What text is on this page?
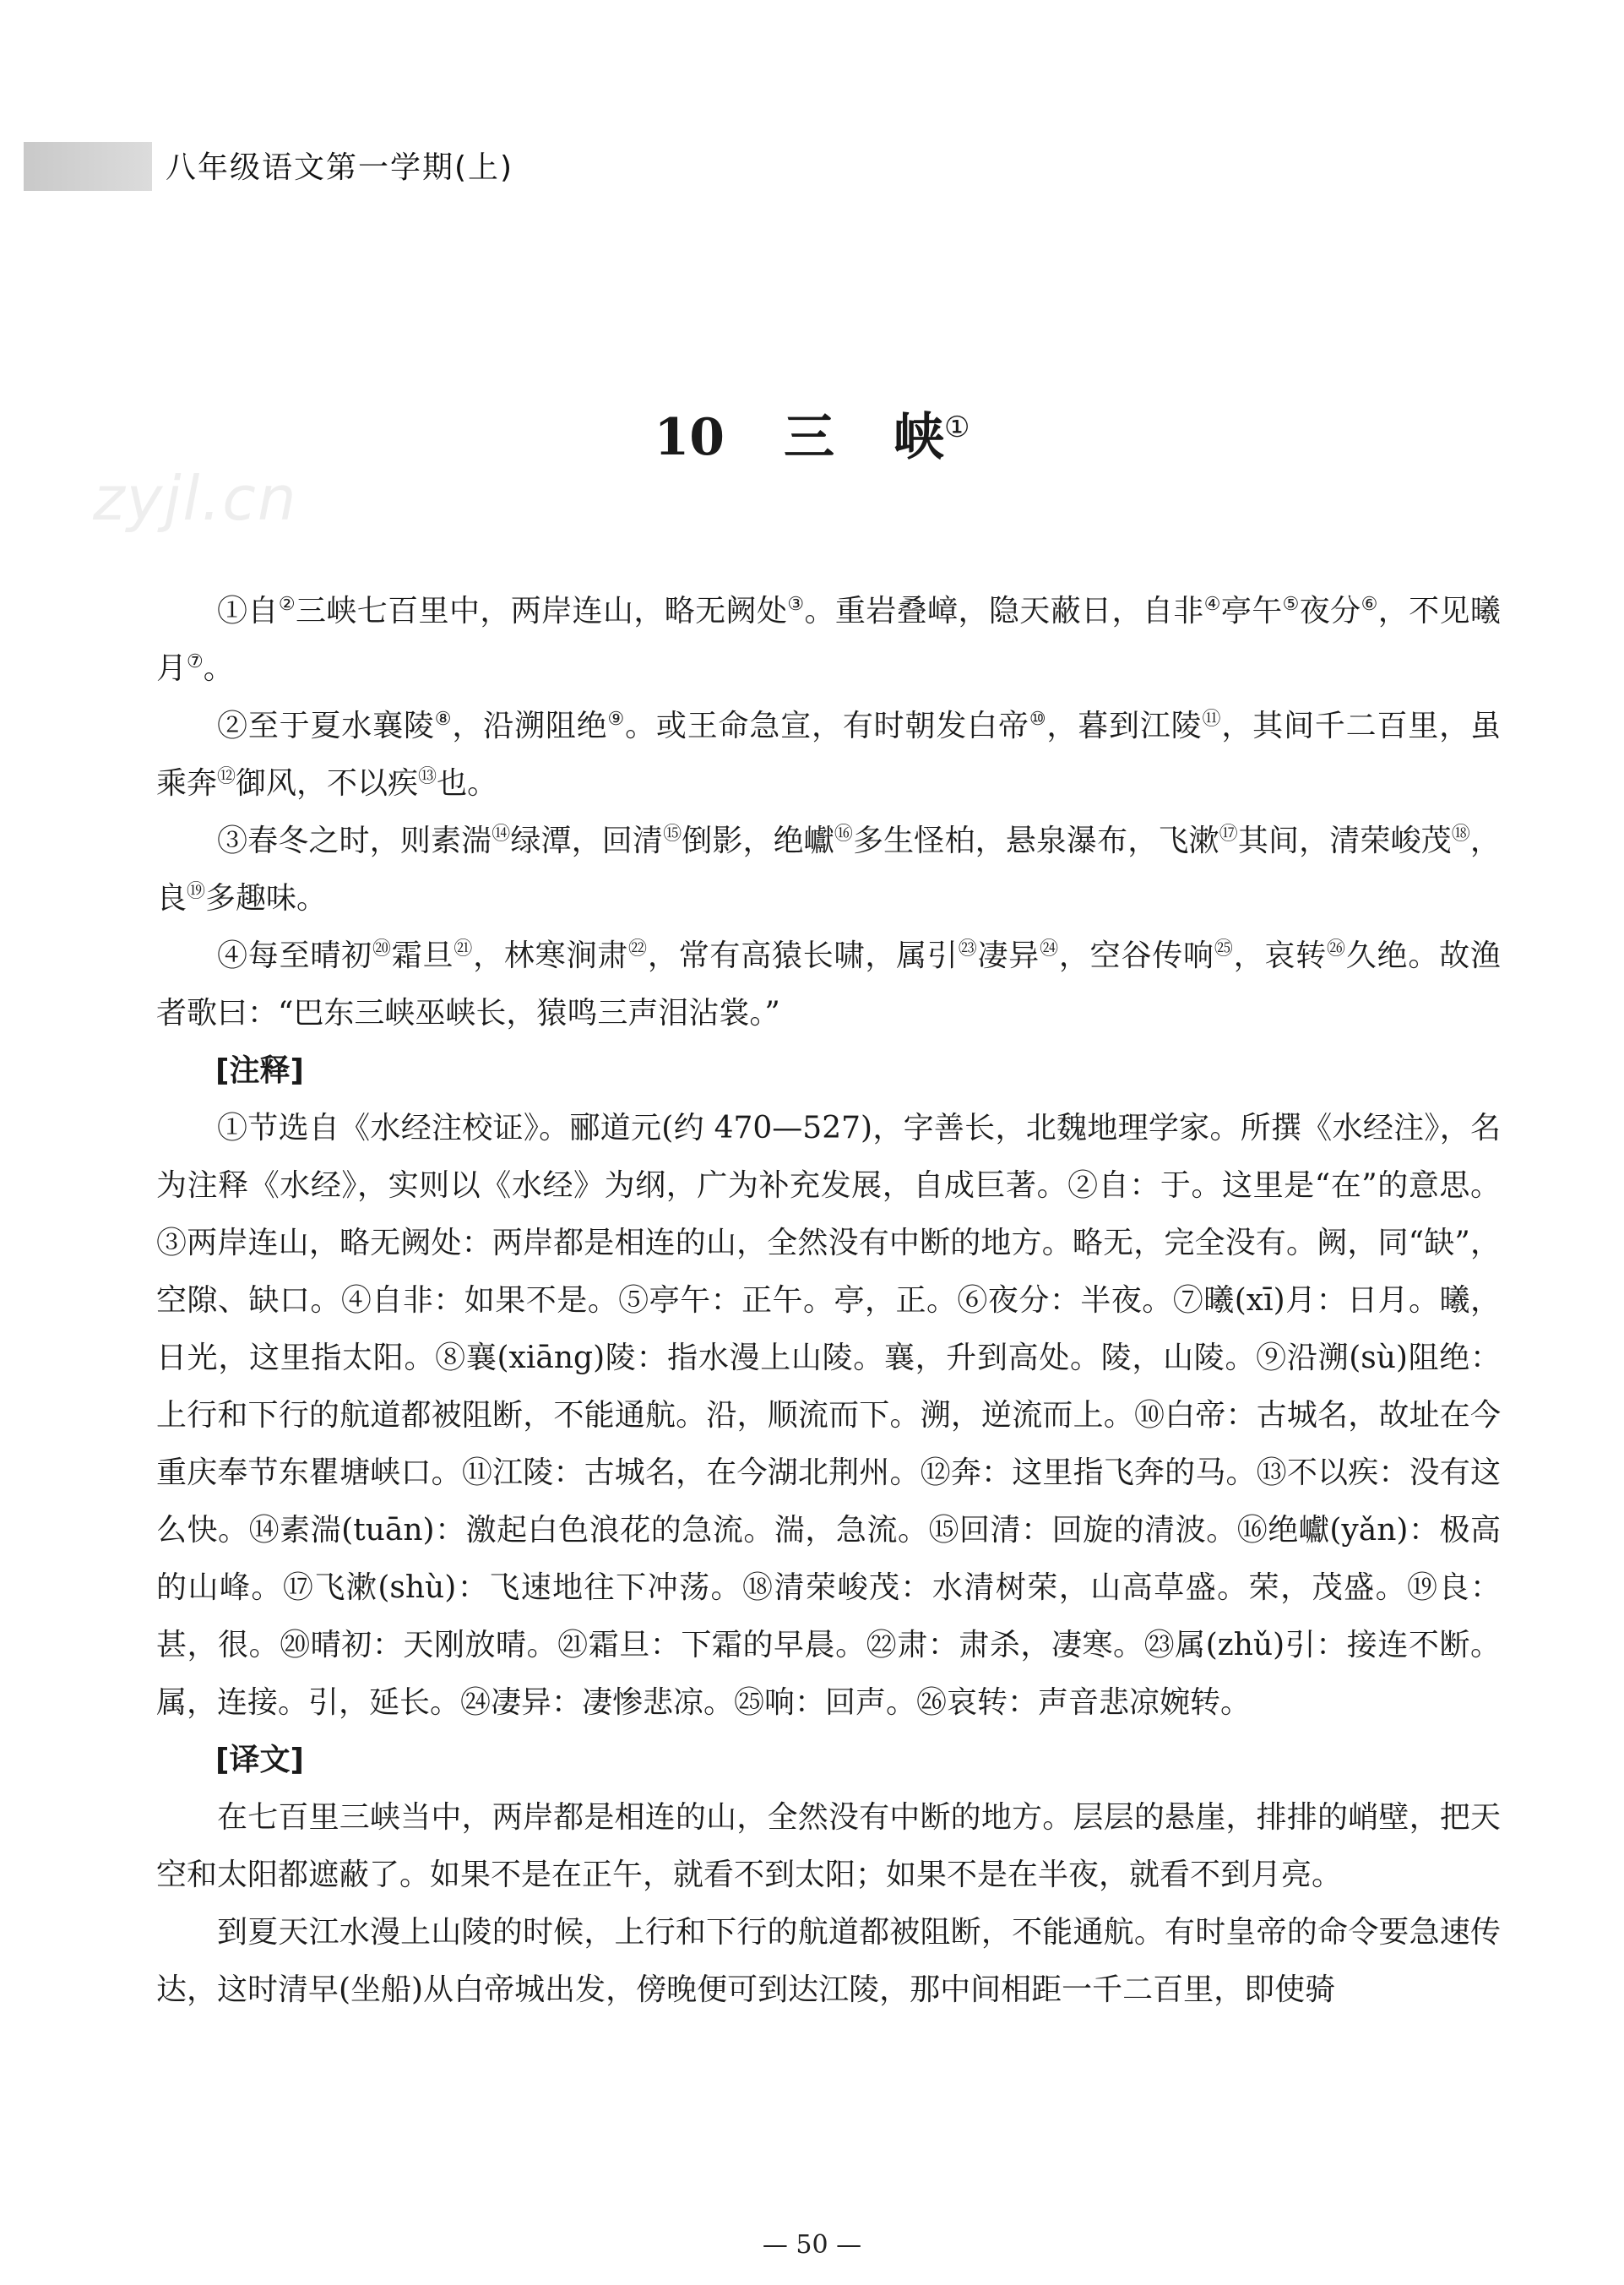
八年级语文第一学期(上)
zyjl.cn
10 三 峡①

①自②三峡七百里中，两岸连山，略无阙处③。重岩叠嶂，隐天蔽日，自非④亭午⑤夜分⑥，不见曦月⑦。

②至于夏水襄陵⑧，沿溯阻绝⑨。或王命急宣，有时朝发白帝⑩，暮到江陵⑪，其间千二百里，虽乘奔⑫御风，不以疾⑬也。

③春冬之时，则素湍⑭绿潭，回清⑮倒影，绝巘⑯多生怪柏，悬泉瀑布，飞漱⑰其间，清荣峻茂⑱，良⑲多趣味。

④每至晴初⑳霜旦$^㉑$，林寒涧肃$^㉒$，常有高猿长啸，属引$^㉓$凄异$^㉔$，空谷传响$^㉕$，哀转$^㉖$久绝。故渔者歌曰：“巴东三峡巫峡长，猿鸣三声泪沾裳。”

[注释]

①节选自《水经注校证》。郦道元(约 470—527)，字善长，北魏地理学家。所撰《水经注》，名为注释《水经》，实则以《水经》为纲，广为补充发展，自成巨著。②自：于。这里是“在”的意思。③两岸连山，略无阙处：两岸都是相连的山，全然没有中断的地方。略无，完全没有。阙，同“缺”，空隙、缺口。④自非：如果不是。⑤亭午：正午。亭，正。⑥夜分：半夜。⑦曦(xī)月：日月。曦，日光，这里指太阳。⑧襄(xiāng)陵：指水漫上山陵。襄，升到高处。陵，山陵。⑨沿溯(sù)阻绝：上行和下行的航道都被阻断，不能通航。沿，顺流而下。溯，逆流而上。⑩白帝：古城名，故址在今重庆奉节东瞿塘峡口。⑪江陵：古城名，在今湖北荆州。⑫奔：这里指飞奔的马。⑬不以疾：没有这么快。⑭素湍(tuān)：激起白色浪花的急流。湍，急流。⑮回清：回旋的清波。⑯绝巘(yǎn)：极高的山峰。⑰飞漱(shù)：飞速地往下冲荡。⑱清荣峻茂：水清树荣，山高草盛。荣，茂盛。⑲良：甚，很。⑳晴初：天刚放晴。㉑霜旦：下霜的早晨。㉒肃：肃杀，凄寒。㉓属(zhǔ)引：接连不断。属，连接。引，延长。㉔凄异：凄惨悲凉。㉕响：回声。㉖哀转：声音悲凉婉转。

[译文]

在七百里三峡当中，两岸都是相连的山，全然没有中断的地方。层层的悬崖，排排的峭壁，把天空和太阳都遮蔽了。如果不是在正午，就看不到太阳；如果不是在半夜，就看不到月亮。

到夏天江水漫上山陵的时候，上行和下行的航道都被阻断，不能通航。有时皇帝的命令要急速传达，这时清早(坐船)从白帝城出发，傍晚便可到达江陵，那中间相距一千二百里，即使骑

— 50 —
